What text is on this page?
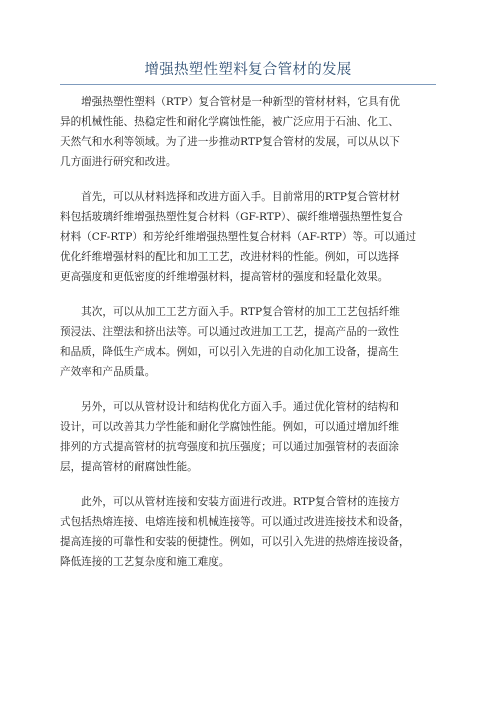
增强热塑性塑料复合管材的发展

　　增强热塑性塑料（RTP）复合管材是一种新型的管材材料，它具有优
异的机械性能、热稳定性和耐化学腐蚀性能，被广泛应用于石油、化工、
天然气和水利等领域。为了进一步推动RTP复合管材的发展，可以从以下
几方面进行研究和改进。

　　首先，可以从材料选择和改进方面入手。目前常用的RTP复合管材材
料包括玻璃纤维增强热塑性复合材料（GF-RTP）、碳纤维增强热塑性复合
材料（CF-RTP）和芳纶纤维增强热塑性复合材料（AF-RTP）等。可以通过
优化纤维增强材料的配比和加工工艺，改进材料的性能。例如，可以选择
更高强度和更低密度的纤维增强材料，提高管材的强度和轻量化效果。

　　其次，可以从加工工艺方面入手。RTP复合管材的加工工艺包括纤维
预浸法、注塑法和挤出法等。可以通过改进加工工艺，提高产品的一致性
和品质，降低生产成本。例如，可以引入先进的自动化加工设备，提高生
产效率和产品质量。

　　另外，可以从管材设计和结构优化方面入手。通过优化管材的结构和
设计，可以改善其力学性能和耐化学腐蚀性能。例如，可以通过增加纤维
排列的方式提高管材的抗弯强度和抗压强度；可以通过加强管材的表面涂
层，提高管材的耐腐蚀性能。

　　此外，可以从管材连接和安装方面进行改进。RTP复合管材的连接方
式包括热熔连接、电熔连接和机械连接等。可以通过改进连接技术和设备，
提高连接的可靠性和安装的便捷性。例如，可以引入先进的热熔连接设备，
降低连接的工艺复杂度和施工难度。
